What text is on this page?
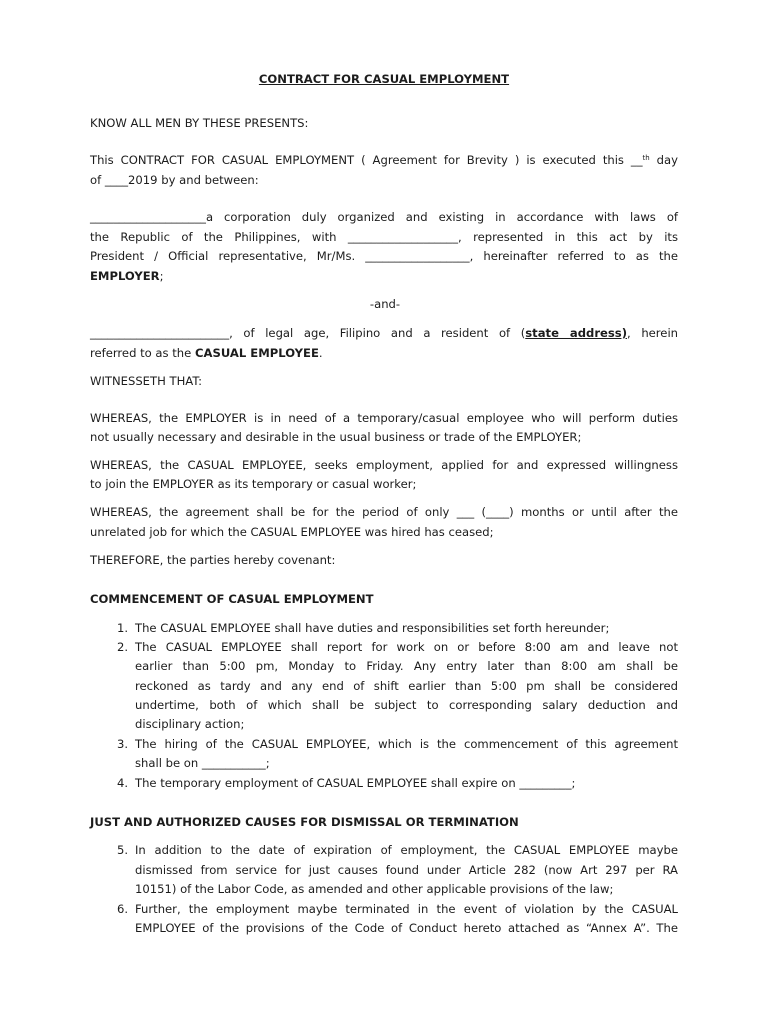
CONTRACT FOR CASUAL EMPLOYMENT
KNOW ALL MEN BY THESE PRESENTS:
This CONTRACT FOR CASUAL EMPLOYMENT ( Agreement for Brevity ) is executed this __$^{th}$ day
of ____2019 by and between:
____________________a corporation duly organized and existing in accordance with laws of
the Republic of the Philippines, with ___________________, represented in this act by its
President / Official representative, Mr/Ms. __________________, hereinafter referred to as the
EMPLOYER;
-and-
________________________, of legal age, Filipino and a resident of (state address), herein
referred to as the CASUAL EMPLOYEE.
WITNESSETH THAT:
WHEREAS, the EMPLOYER is in need of a temporary/casual employee who will perform duties
not usually necessary and desirable in the usual business or trade of the EMPLOYER;
WHEREAS, the CASUAL EMPLOYEE, seeks employment, applied for and expressed willingness
to join the EMPLOYER as its temporary or casual worker;
WHEREAS, the agreement shall be for the period of only ___ (____) months or until after the
unrelated job for which the CASUAL EMPLOYEE was hired has ceased;
THEREFORE, the parties hereby covenant:
COMMENCEMENT OF CASUAL EMPLOYMENT
1. The CASUAL EMPLOYEE shall have duties and responsibilities set forth hereunder;
2. The CASUAL EMPLOYEE shall report for work on or before 8:00 am and leave not
earlier than 5:00 pm, Monday to Friday. Any entry later than 8:00 am shall be
reckoned as tardy and any end of shift earlier than 5:00 pm shall be considered
undertime, both of which shall be subject to corresponding salary deduction and
disciplinary action;
3. The hiring of the CASUAL EMPLOYEE, which is the commencement of this agreement
shall be on ___________;
4. The temporary employment of CASUAL EMPLOYEE shall expire on _________;
JUST AND AUTHORIZED CAUSES FOR DISMISSAL OR TERMINATION
5. In addition to the date of expiration of employment, the CASUAL EMPLOYEE maybe
dismissed from service for just causes found under Article 282 (now Art 297 per RA
10151) of the Labor Code, as amended and other applicable provisions of the law;
6. Further, the employment maybe terminated in the event of violation by the CASUAL
EMPLOYEE of the provisions of the Code of Conduct hereto attached as “Annex A”. The
